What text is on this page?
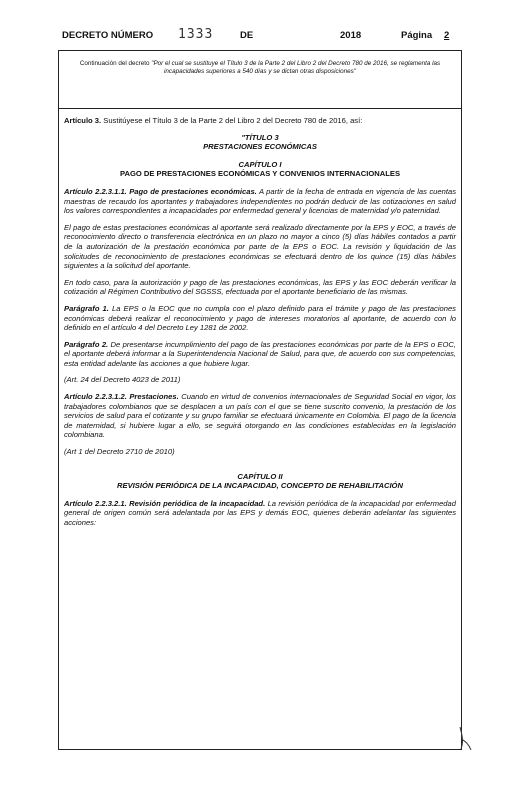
DECRETO NÚMERO 1333	DE	2018	Página 2
Continuación del decreto "Por el cual se sustituye el Título 3 de la Parte 2 del Libro 2 del Decreto 780 de 2016, se reglamenta las incapacidades superiores a 540 días y se dictan otras disposiciones"

Artículo 3. Sustitúyese el Título 3 de la Parte 2 del Libro 2 del Decreto 780 de 2016, así:

"TÍTULO 3

PRESTACIONES ECONÓMICAS

CAPÍTULO I

PAGO DE PRESTACIONES ECONÓMICAS Y CONVENIOS INTERNACIONALES

Artículo 2.2.3.1.1. Pago de prestaciones económicas. A partir de la fecha de entrada en vigencia de las cuentas maestras de recaudo los aportantes y trabajadores independientes no podrán deducir de las cotizaciones en salud los valores correspondientes a incapacidades por enfermedad general y licencias de maternidad y/o paternidad.

El pago de estas prestaciones económicas al aportante será realizado directamente por la EPS y EOC, a través de reconocimiento directo o transferencia electrónica en un plazo no mayor a cinco (5) días hábiles contados a partir de la autorización de la prestación económica por parte de la EPS o EOC. La revisión y liquidación de las solicitudes de reconocimiento de prestaciones económicas se efectuará dentro de los quince (15) días hábiles siguientes a la solicitud del aportante.

En todo caso, para la autorización y pago de las prestaciones económicas, las EPS y las EOC deberán verificar la cotización al Régimen Contributivo del SGSSS, efectuada por el aportante beneficiario de las mismas.

Parágrafo 1. La EPS o la EOC que no cumpla con el plazo definido para el trámite y pago de las prestaciones económicas deberá realizar el reconocimiento y pago de intereses moratorios al aportante, de acuerdo con lo definido en el artículo 4 del Decreto Ley 1281 de 2002.

Parágrafo 2. De presentarse incumplimiento del pago de las prestaciones económicas por parte de la EPS o EOC, el aportante deberá informar a la Superintendencia Nacional de Salud, para que, de acuerdo con sus competencias, esta entidad adelante las acciones a que hubiere lugar.

(Art. 24 del Decreto 4023 de 2011)

Artículo 2.2.3.1.2. Prestaciones. Cuando en virtud de convenios internacionales de Seguridad Social en vigor, los trabajadores colombianos que se desplacen a un país con el que se tiene suscrito convenio, la prestación de los servicios de salud para el cotizante y su grupo familiar se efectuará únicamente en Colombia. El pago de la licencia de maternidad, si hubiere lugar a ello, se seguirá otorgando en las condiciones establecidas en la legislación colombiana.

(Art 1 del Decreto 2710 de 2010)

CAPÍTULO II

REVISIÓN PERIÓDICA DE LA INCAPACIDAD, CONCEPTO DE REHABILITACIÓN

Artículo 2.2.3.2.1. Revisión periódica de la incapacidad. La revisión periódica de la incapacidad por enfermedad general de origen común será adelantada por las EPS y demás EOC, quienes deberán adelantar las siguientes acciones:
